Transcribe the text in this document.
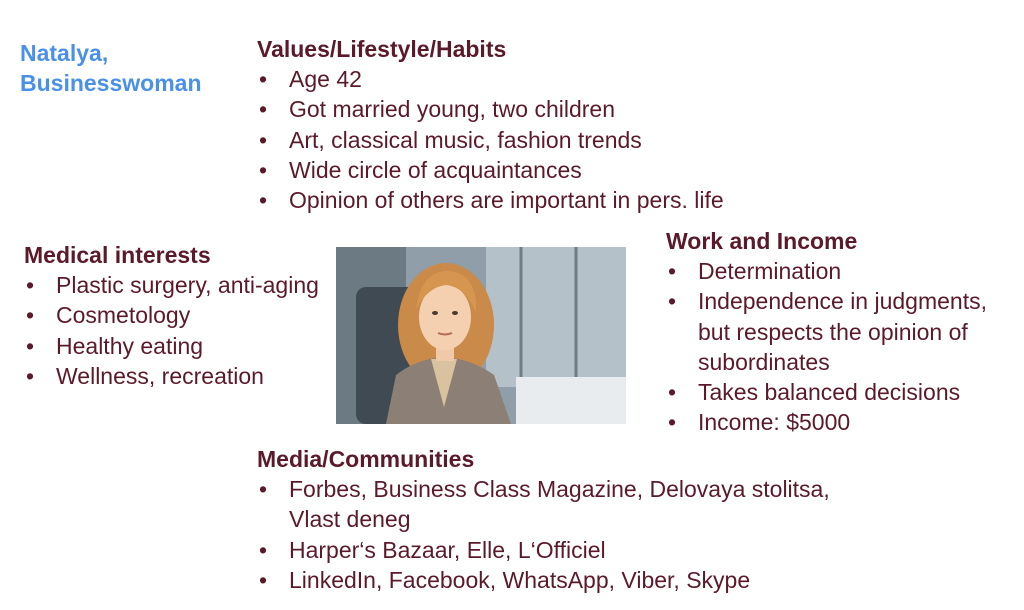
Natalya,
Businesswoman
Values/Lifestyle/Habits
• Age 42
• Got married young, two children
• Art, classical music, fashion trends
• Wide circle of acquaintances
• Opinion of others are important in pers. life
Medical interests
• Plastic surgery, anti-aging
• Cosmetology
• Healthy eating
• Wellness, recreation
Work and Income
• Determination
• Independence in judgments, but respects the opinion of subordinates
• Takes balanced decisions
• Income: $5000
Media/Communities
• Forbes, Business Class Magazine, Delovaya stolitsa, Vlast deneg
• Harper‘s Bazaar, Elle, L‘Officiel
• LinkedIn, Facebook, WhatsApp, Viber, Skype
